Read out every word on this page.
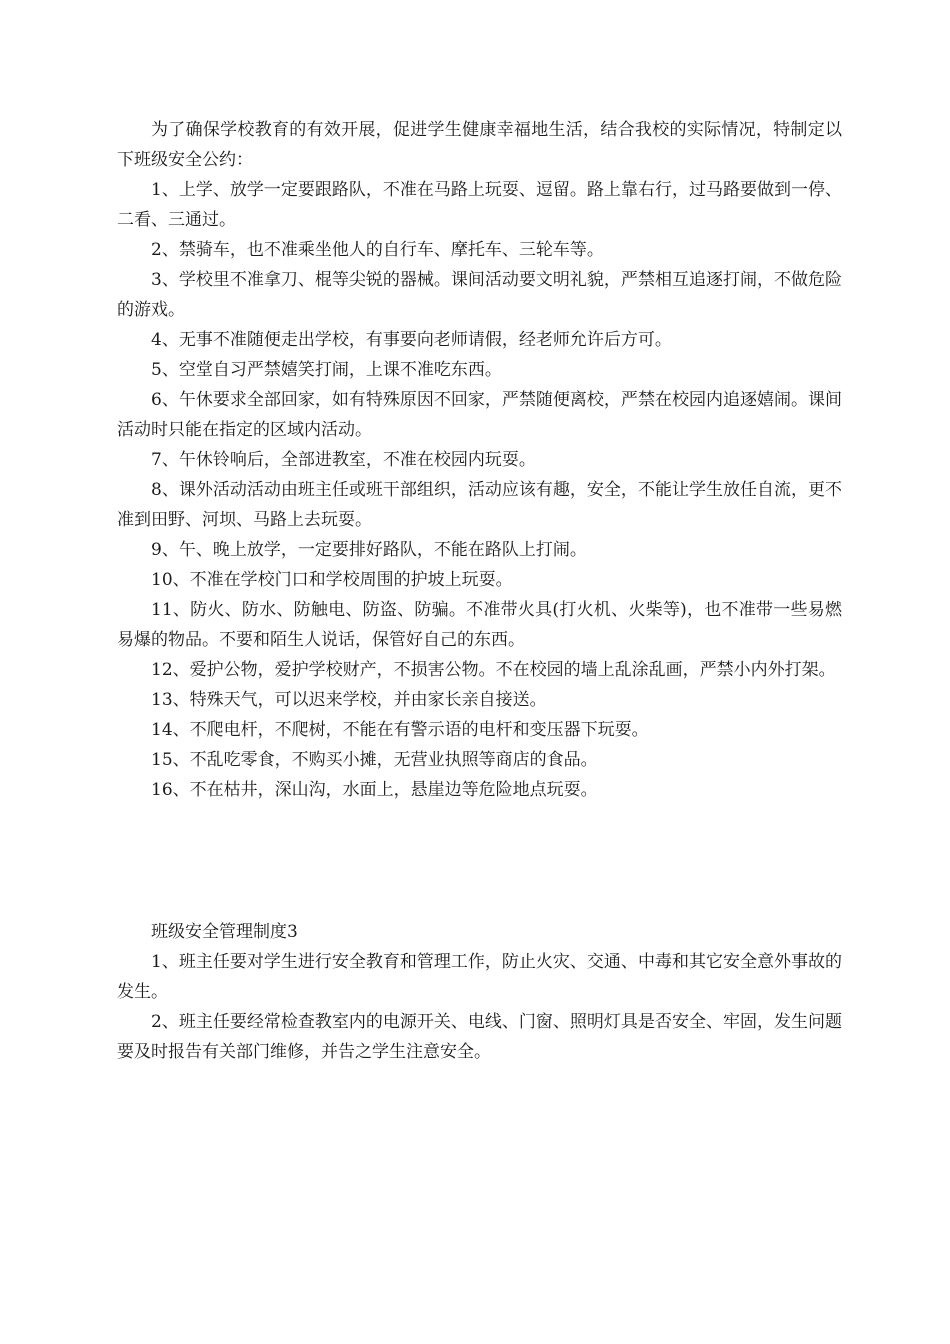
为了确保学校教育的有效开展，促进学生健康幸福地生活，结合我校的实际情况，特制定以下班级安全公约：

1、上学、放学一定要跟路队，不准在马路上玩耍、逗留。路上靠右行，过马路要做到一停、二看、三通过。

2、禁骑车，也不准乘坐他人的自行车、摩托车、三轮车等。

3、学校里不准拿刀、棍等尖锐的器械。课间活动要文明礼貌，严禁相互追逐打闹，不做危险的游戏。

4、无事不准随便走出学校，有事要向老师请假，经老师允许后方可。

5、空堂自习严禁嬉笑打闹，上课不准吃东西。

6、午休要求全部回家，如有特殊原因不回家，严禁随便离校，严禁在校园内追逐嬉闹。课间活动时只能在指定的区域内活动。

7、午休铃响后，全部进教室，不准在校园内玩耍。

8、课外活动活动由班主任或班干部组织，活动应该有趣，安全，不能让学生放任自流，更不准到田野、河坝、马路上去玩耍。

9、午、晚上放学，一定要排好路队，不能在路队上打闹。

10、不准在学校门口和学校周围的护坡上玩耍。

11、防火、防水、防触电、防盗、防骗。不准带火具(打火机、火柴等)，也不准带一些易燃易爆的物品。不要和陌生人说话，保管好自己的东西。

12、爱护公物，爱护学校财产，不损害公物。不在校园的墙上乱涂乱画，严禁小内外打架。

13、特殊天气，可以迟来学校，并由家长亲自接送。

14、不爬电杆，不爬树，不能在有警示语的电杆和变压器下玩耍。

15、不乱吃零食，不购买小摊，无营业执照等商店的食品。

16、不在枯井，深山沟，水面上，悬崖边等危险地点玩耍。

班级安全管理制度3

1、班主任要对学生进行安全教育和管理工作，防止火灾、交通、中毒和其它安全意外事故的发生。

2、班主任要经常检查教室内的电源开关、电线、门窗、照明灯具是否安全、牢固，发生问题要及时报告有关部门维修，并告之学生注意安全。
